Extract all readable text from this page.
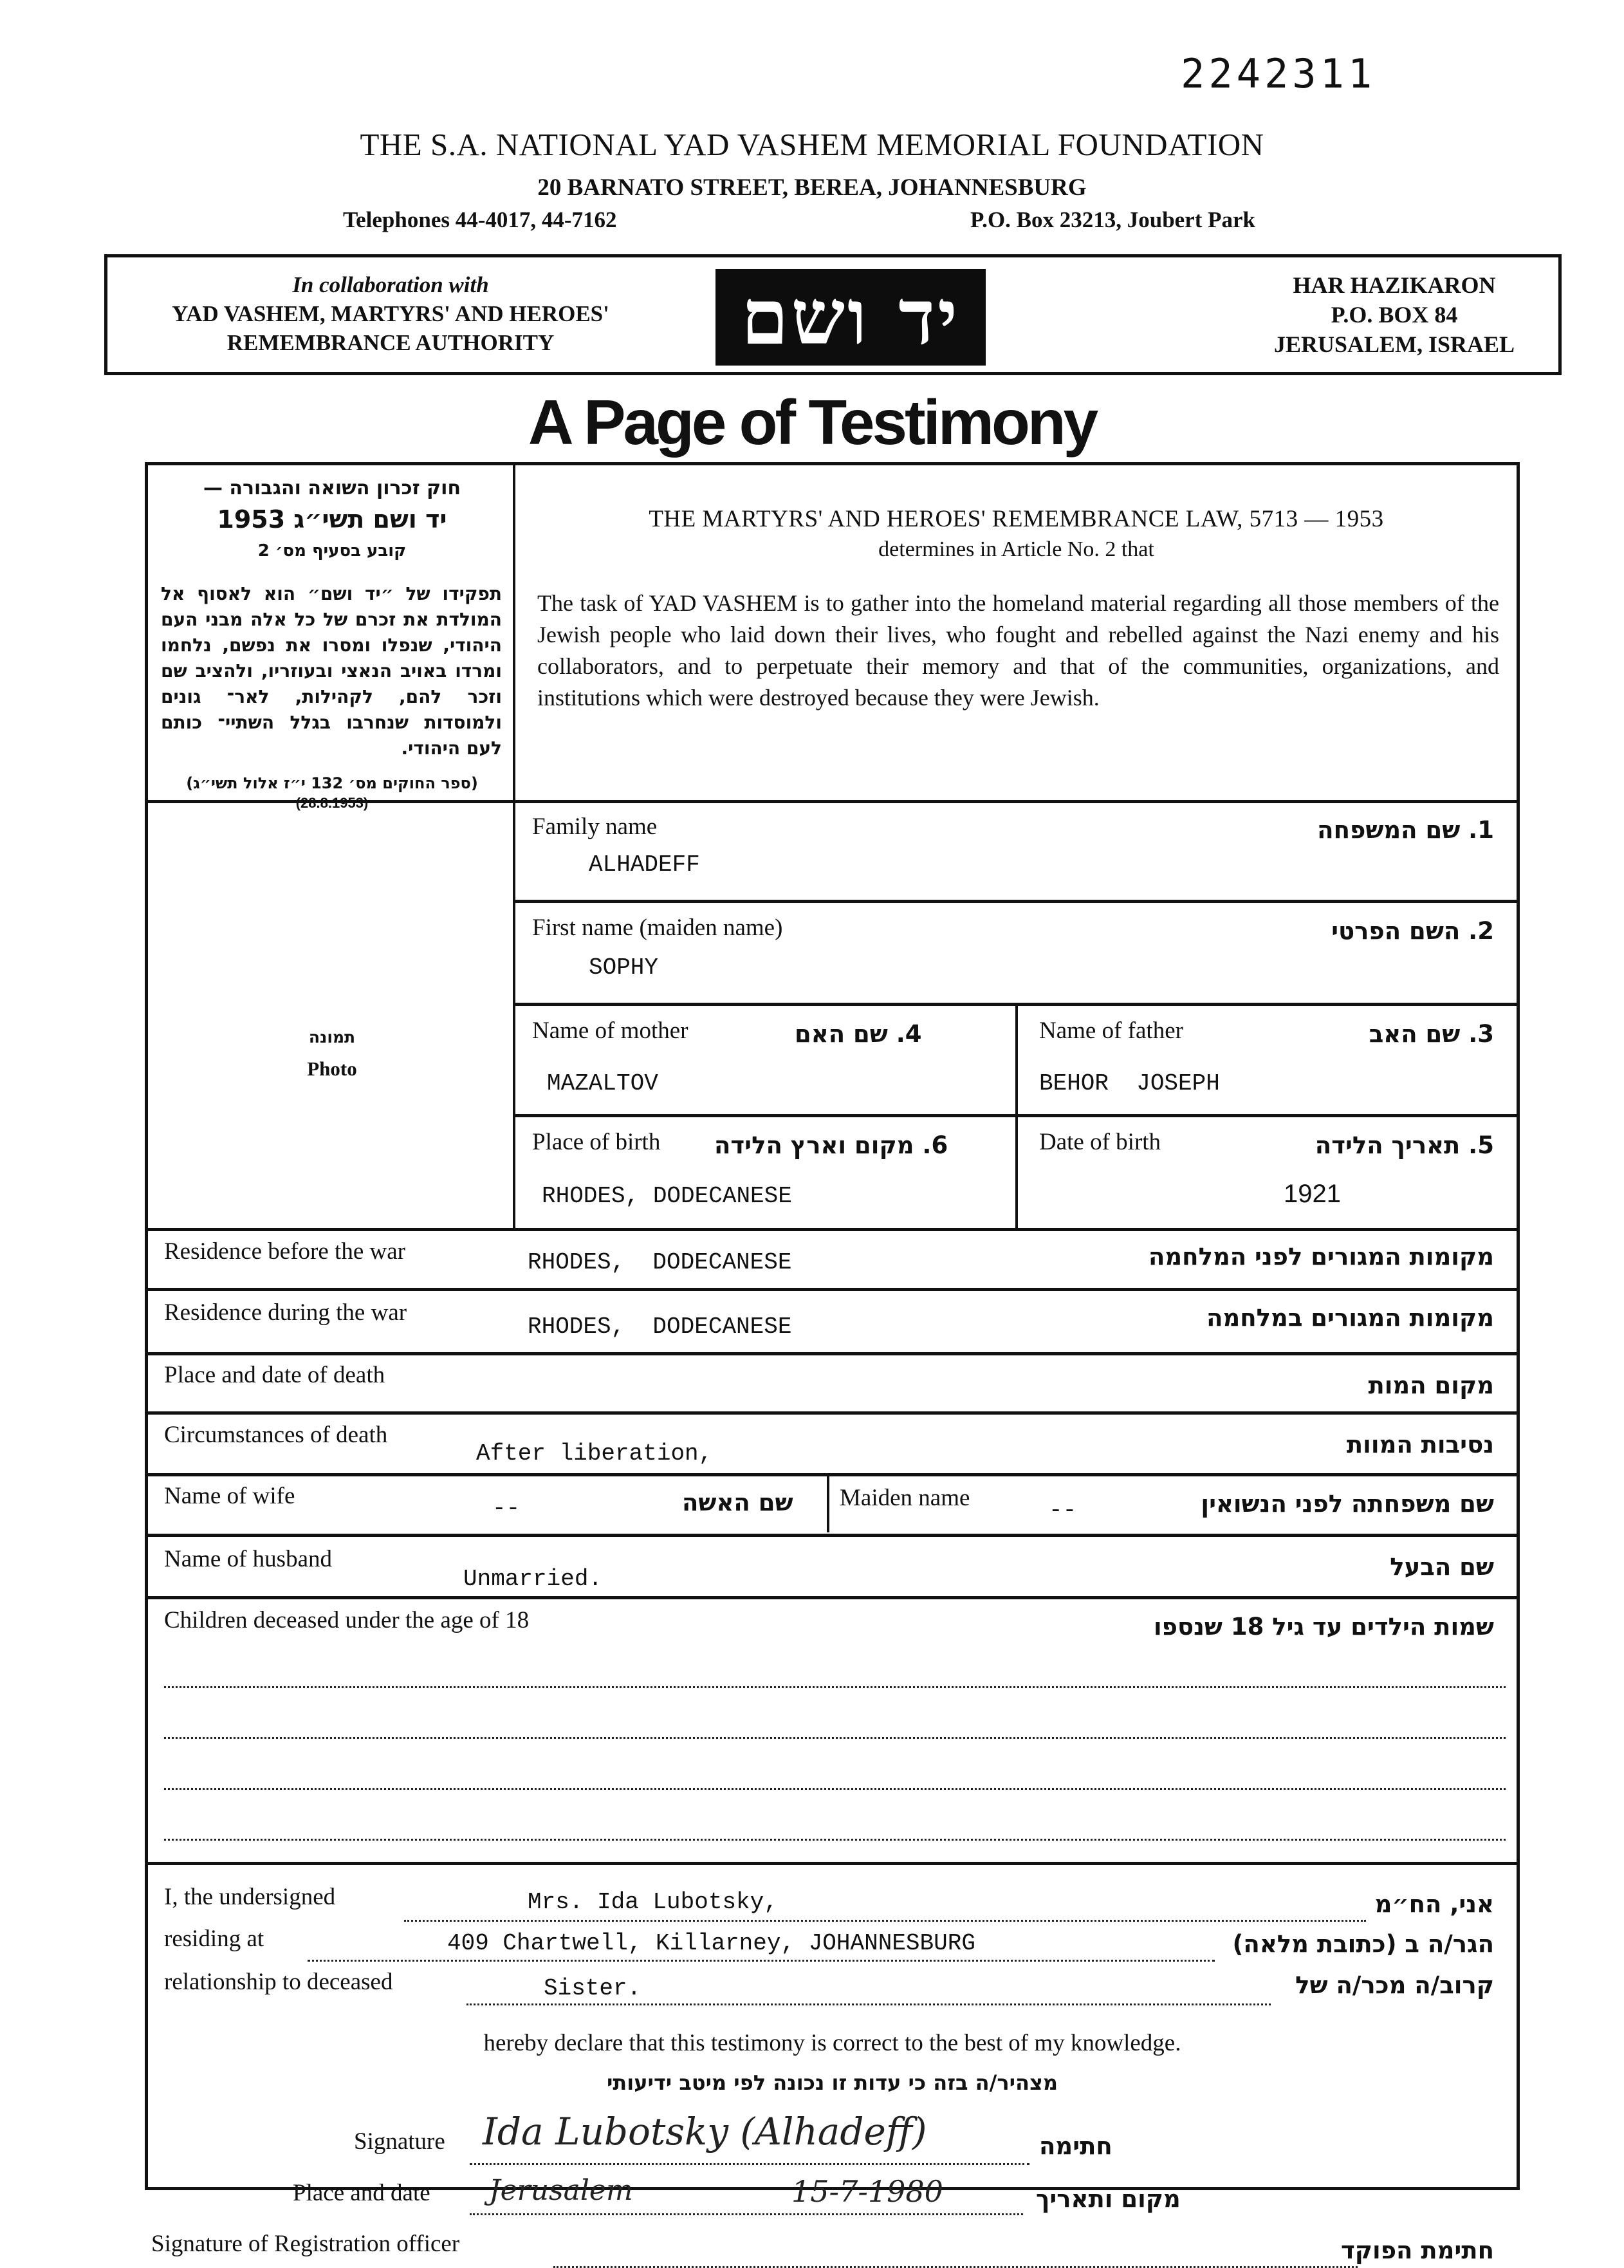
2242311
THE S.A. NATIONAL YAD VASHEM MEMORIAL FOUNDATION
20 BARNATO STREET, BEREA, JOHANNESBURG
Telephones 44-4017, 44-7162	P.O. Box 23213, Joubert Park
In collaboration with
YAD VASHEM, MARTYRS' AND HEROES'
REMEMBRANCE AUTHORITY	יד ושם	HAR HAZIKARON
P.O. BOX 84
JERUSALEM, ISRAEL
A Page of Testimony
חוק זכרון השואה והגבורה —
יד ושם תשי״ג 1953
קובע בסעיף מס׳ 2
תפקידו של ״יד ושם״ הוא לאסוף אל המולדת את זכרם של כל אלה מבני העם היהודי, שנפלו ומסרו את נפשם, נלחמו ומרדו באויב הנאצי ובעוזריו, ולהציב שם וזכר להם, לקהילות, לאר־ גונים ולמוסדות שנחרבו בגלל השתיי־ כותם לעם היהודי.
(ספר החוקים מס׳ 132 י״ז אלול תשי״ג)
תמונה
Photo
THE MARTYRS' AND HEROES' REMEMBRANCE LAW, 5713 — 1953
determines in Article No. 2 that
The task of YAD VASHEM is to gather into the homeland material regarding all those members of the Jewish people who laid down their lives, who fought and rebelled against the Nazi enemy and his collaborators, and to perpetuate their memory and that of the communities, organizations, and institutions which were destroyed because they were Jewish.
Family name	1. שם המשפחה
ALHADEFF
First name (maiden name)	2. השם הפרטי
SOPHY
Name of mother	4. שם האם
MAZALTOV
Name of father	3. שם האב
BEHOR  JOSEPH
Place of birth 6. מקום וארץ הלידה
RHODES, DODECANESE
Date of birth	5. תאריך הלידה
1921
Residence before the war	מקומות המגורים לפני המלחמה
RHODES,  DODECANESE
Residence during the war	מקומות המגורים במלחמה
RHODES,  DODECANESE
Place and date of death	מקום המות
Circumstances of death	נסיבות המוות
After liberation,
Name of wife	שם האשה
--	Maiden name	שם משפחתה לפני הנשואין
--
Name of husband	שם הבעל
Unmarried.
Children deceased under the age of 18	שמות הילדים עד גיל 18 שנספו
I, the undersigned	Mrs. Ida Lubotsky,	אני, הח״מ
residing at	409 Chartwell, Killarney, JOHANNESBURG	הגר/ה ב (כתובת מלאה)
relationship to deceased	Sister.	קרוב/ה מכר/ה של
hereby declare that this testimony is correct to the best of my knowledge.
מצהיר/ה בזה כי עדות זו נכונה לפי מיטב ידיעותי
Signature Ida Lubotsky (Alhadeff)	חתימה
Place and date Jerusalem	15-7-1980	מקום ותאריך
Signature of Registration officer	חתימת הפוקד
